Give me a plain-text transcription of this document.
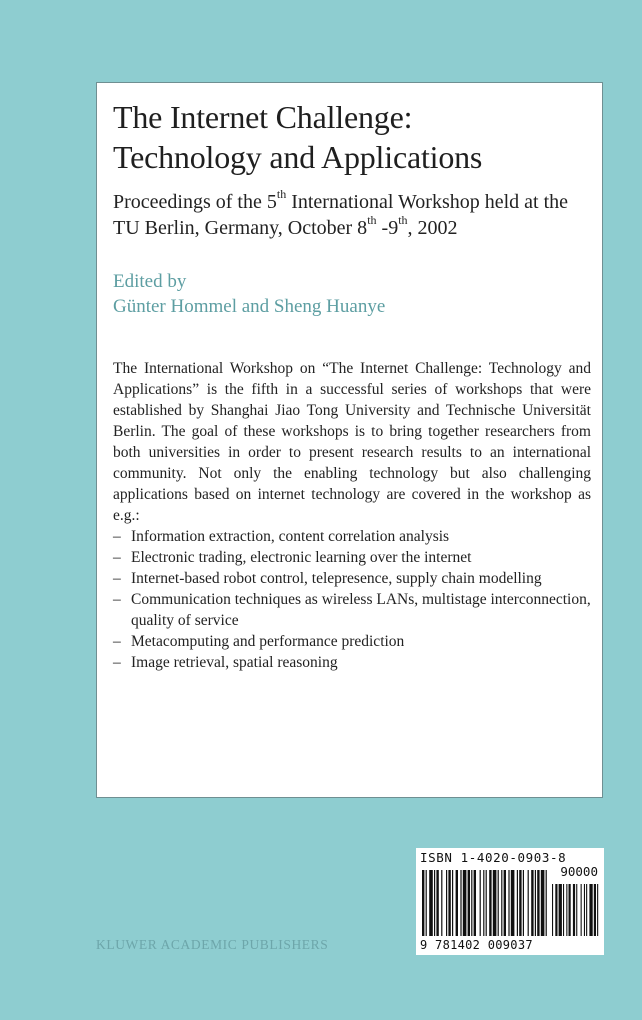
The Internet Challenge:
Technology and Applications
Proceedings of the 5th International Workshop held at the TU Berlin, Germany, October 8th -9th, 2002
Edited by
Günter Hommel and Sheng Huanye

The International Workshop on “The Internet Challenge: Technology and Applications” is the fifth in a successful series of workshops that were established by Shanghai Jiao Tong University and Technische Universität Berlin. The goal of these workshops is to bring together researchers from both universities in order to present research results to an international community. Not only the enabling technology but also challenging applications based on internet technology are covered in the workshop as e.g.:

– Information extraction, content correlation analysis
– Electronic trading, electronic learning over the internet
– Internet-based robot control, telepresence, supply chain modelling
– Communication techniques as wireless LANs, multistage interconnection, quality of service
– Metacomputing and performance prediction
– Image retrieval, spatial reasoning
KLUWER ACADEMIC PUBLISHERS
ISBN 1-4020-0903-8
90000
9 781402 009037
